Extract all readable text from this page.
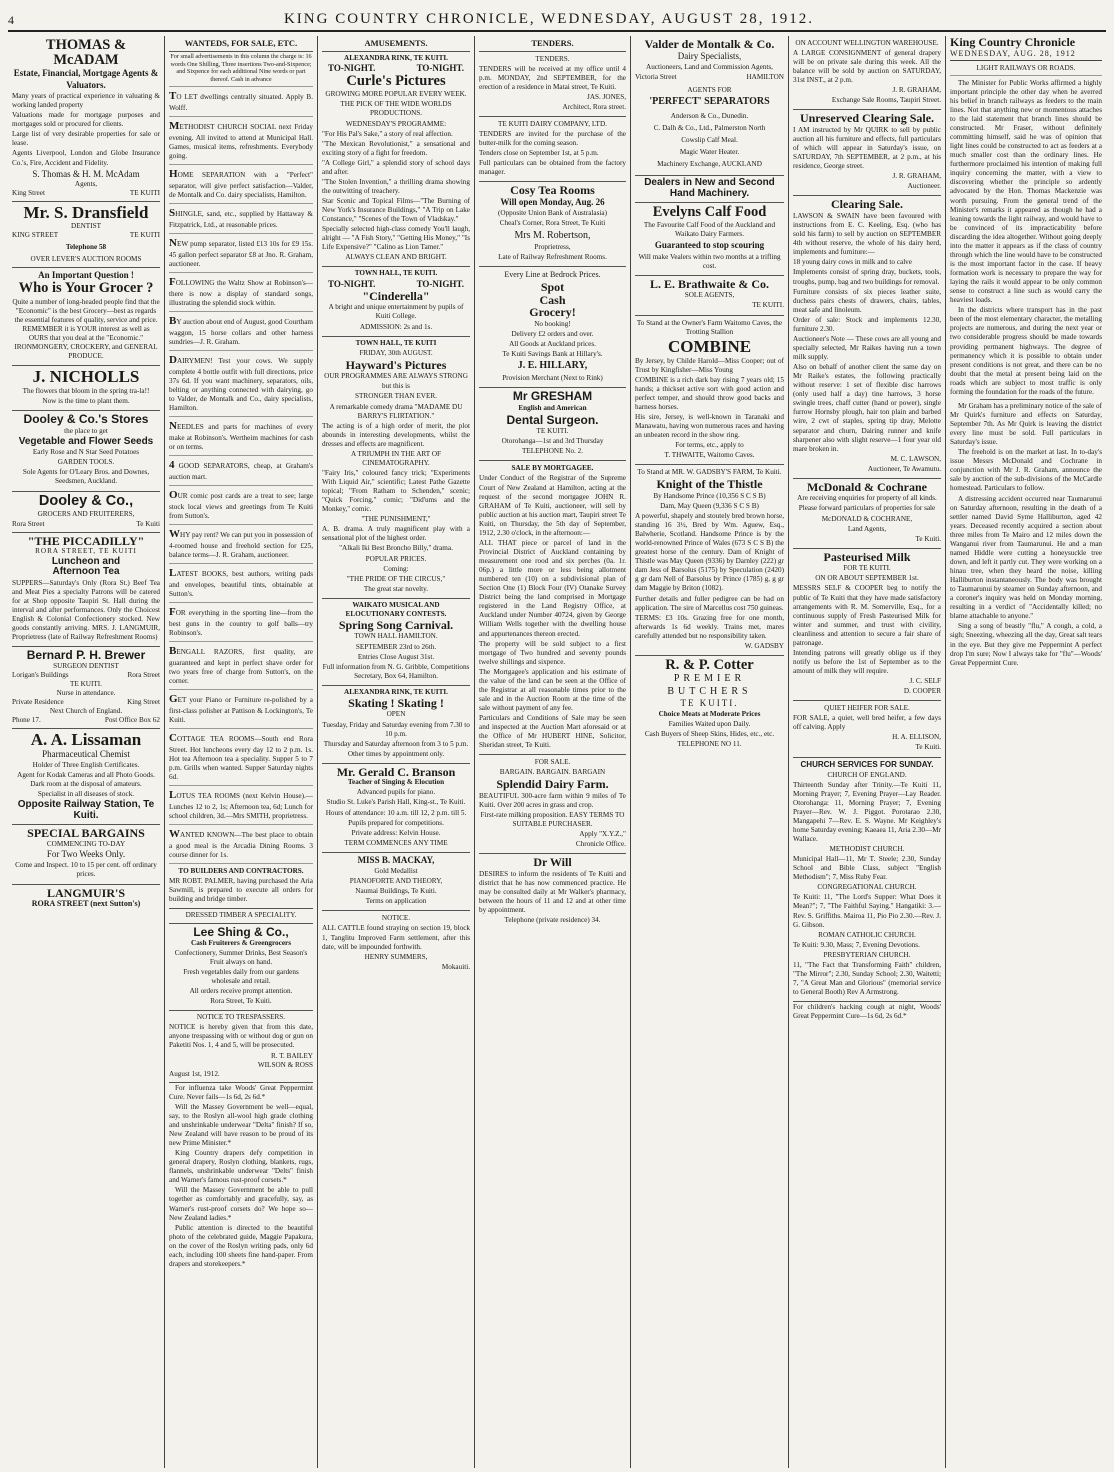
4	KING COUNTRY CHRONICLE, WEDNESDAY, AUGUST 28, 1912.
THOMAS & McADAM
Estate, Financial, Mortgage Agents & Valuators.

Many years of practical experience in valuating & working landed property

Valuations made for mortgage purposes and mortgages sold or procured for clients.

Large list of very desirable properties for sale or lease.

Agents Liverpool, London and Globe Insurance Co.'s, Fire, Accident and Fidelity.

S. Thomas & H. M. McAdam
Agents,
King Street	TE KUITI
Mr. S. Dransfield
DENTIST
KING STREET	TE KUITI
Telephone 58
OVER LEVER'S AUCTION ROOMS
An Important Question !
Who is Your Grocer ?

Quite a number of long-headed people find that the "Economic" is the best Grocery—best as regards the essential features of quality, service and price. REMEMBER it is YOUR interest as well as OURS that you deal at the "Economic." IRONMONGERY, CROCKERY, and GENERAL PRODUCE.

J. NICHOLLS

The flowers that bloom in the spring tra-la!!

Now is the time to plant them.

Dooley & Co.'s Stores

the place to get

Vegetable and Flower Seeds

Early Rose and N Star Seed Potatoes

GARDEN TOOLS.

Sole Agents for O'Leary Bros. and Downes, Seedsmen, Auckland.

Dooley & Co.,

GROCERS AND FRUITERERS,

Rora Street	Te Kuiti
"THE PICCADILLY"
RORA STREET, TE KUITI
Luncheon and
Afternoon Tea

SUPPERS—Saturday's Only (Rora St.) Beef Tea and Meat Pies a specialty Patrons will be catered for at Shop opposite Taupiri St. Hall during the interval and after performances. Only the Choicest English & Colonial Confectionery stocked. New goods constantly arriving. MRS. J. LANGMUIR, Proprietress (late of Railway Refreshment Rooms)

Bernard P. H. Brewer
SURGEON DENTIST
Lorigan's Buildings	Rora Street
TE KUITI.
Nurse in attendance.
Private Residence	King Street
Next Church of England.
Phone 17.	Post Office Box 62
A. A. Lissaman
Pharmaceutical Chemist

Holder of Three English Certificates.

Agent for Kodak Cameras and all Photo Goods. Dark room at the disposal of amateurs.

Specialist in all diseases of stock.

Opposite Railway Station, Te Kuiti.
SPECIAL BARGAINS
COMMENCING TO-DAY
For Two Weeks Only.

Come and Inspect. 10 to 15 per cent. off ordinary prices.

LANGMUIR'S
RORA STREET (next Sutton's)
WANTEDS, FOR SALE, ETC.

For small advertisements in this column the charge is: 16 words One Shilling, Three insertions Two-and-Sixpence; and Sixpence for each additional Nine words or part thereof. Cash in advance

TO LET dwellings centrally situated. Apply B. Wolff.

METHODIST CHURCH SOCIAL next Friday evening. All invited to attend at Municipal Hall. Games, musical items, refreshments. Everybody going.

HOME SEPARATION with a "Perfect" separator, will give perfect satisfaction—Valder, de Montalk and Co. dairy specialists, Hamilton.

SHINGLE, sand, etc., supplied by Hattaway & Fitzpatrick, Ltd., at reasonable prices.

NEW pump separator, listed £13 10s for £9 15s. 45 gallon perfect separator £8 at Jno. R. Graham, auctioneer.

FOLLOWING the Waltz Show at Robinson's—there is now a display of standard songs, illustrating the splendid stock within.

BY auction about end of August, good Courtham waggon, 15 horse collars and other harness sundries—J. R. Graham.

DAIRYMEN! Test your cows. We supply complete 4 bottle outfit with full directions, price 37s 6d. If you want machinery, separators, oils, belting or anything connected with dairying, go to Valder, de Montalk and Co., dairy specialists, Hamilton.

NEEDLES and parts for machines of every make at Robinson's. Wertheim machines for cash or on terms.

4 GOOD SEPARATORS, cheap, at Graham's auction mart.

OUR comic post cards are a treat to see; large stock local views and greetings from Te Kuiti from Sutton's.

WHY pay rent? We can put you in possession of 4-roomed house and freehold section for £25, balance terms—J. R. Graham, auctioneer.

LATEST BOOKS, best authors, writing pads and envelopes, beautiful tints, obtainable at Sutton's.

FOR everything in the sporting line—from the best guns in the country to golf balls—try Robinson's.

BENGALL RAZORS, first quality, are guaranteed and kept in perfect shave order for two years free of charge from Sutton's, on the corner.

GET your Piano or Furniture re-polished by a first-class polisher at Pattison & Lockington's, Te Kuiti.

COTTAGE TEA ROOMS—South end Rora Street. Hot luncheons every day 12 to 2 p.m. 1s. Hot tea Afternoon tea a speciality. Supper 5 to 7 p.m. Grills when wanted. Supper Saturday nights 6d.

LOTUS TEA ROOMS (next Kelvin House).—Lunches 12 to 2, 1s; Afternoon tea, 6d; Lunch for school children, 3d.—Mrs SMITH, proprietress.

WANTED KNOWN—The best place to obtain a good meal is the Arcadia Dining Rooms. 3 course dinner for 1s.

TO BUILDERS AND CONTRACTORS.

MR ROBT. PALMER, having purchased the Aria Sawmill, is prepared to execute all orders for building and bridge timber.

DRESSED TIMBER A SPECIALITY.
Lee Shing & Co.,
Cash Fruiterers & Greengrocers

Confectionery, Summer Drinks, Best Season's Fruit always on hand.

Fresh vegetables daily from our gardens wholesale and retail.

All orders receive prompt attention.

Rora Street, Te Kuiti.

NOTICE TO TRESPASSERS.

NOTICE is hereby given that from this date, anyone trespassing with or without dog or gun on Paketiti Nos. 1, 4 and 5, will be prosecuted.

R. T. BAILEY
WILSON & ROSS
August 1st, 1912.

For influenza take Woods' Great Peppermint Cure. Never fails—1s 6d, 2s 6d.*

Will the Massey Government be well—equal, say, to the Roslyn all-wool high grade clothing and unshrinkable underwear "Delta" finish? If so, New Zealand will have reason to be proud of its new Prime Minister.*

King Country drapers defy competition in general drapery, Roslyn clothing, blankets, rugs, flannels, unshrinkable underwear "Delts" finish and Warner's famous rust-proof corsets.*

Will the Massey Government be able to pull together as comfortably and gracefully, say, as Warner's rust-proof corsets do? We hope so—New Zealand ladies.*

Public attention is directed to the beautiful photo of the celebrated guide, Maggie Papakura, on the cover of the Roslyn writing pads, only 6d each, including 100 sheets fine hand-paper. From drapers and storekeepers.*

AMUSEMENTS.
ALEXANDRA RINK, TE KUITI.
TO-NIGHT.	TO-NIGHT.
Curle's Pictures

GROWING MORE POPULAR EVERY WEEK.

THE PICK OF THE WIDE WORLDS PRODUCTIONS.

WEDNESDAY'S PROGRAMME:

"For His Pal's Sake," a story of real affection.

"The Mexican Revolutionist," a sensational and exciting story of a fight for freedom.

"A College Girl," a splendid story of school days and after.

"The Stolen Invention," a thrilling drama showing the outwitting of treachery.

Star Scenic and Topical Films—"The Burning of New York's Insurance Buildings," "A Trip on Lake Constance," "Scenes of the Town of Vladskay."

Specially selected high-class comedy You'll laugh, alright — "A Fish Story," "Getting His Money," "Is Life Expensive?" "Calino as Lion Tamer."

ALWAYS CLEAN AND BRIGHT.

TOWN HALL, TE KUITI.
TO-NIGHT.	TO-NIGHT.
"Cinderella"

A bright and unique entertainment by pupils of Kuiti College.

ADMISSION: 2s and 1s.

TOWN HALL, TE KUITI

FRIDAY, 30th AUGUST.

Hayward's Pictures

OUR PROGRAMMES ARE ALWAYS STRONG

but this is

STRONGER THAN EVER.

A remarkable comedy drama "MADAME DU BARRY'S FLIRTATION."

The acting is of a high order of merit, the plot abounds in interesting developments, whilst the dresses and effects are magnificent.

A TRIUMPH IN THE ART OF CINEMATOGRAPHY.

"Fairy Iris," coloured fancy trick; "Experiments With Liquid Air," scientific; Latest Pathe Gazette topical; "From Ratham to Schenden," scenic; "Quick Forcing," comic; "Did'ums and the Monkey," comic.

"THE PUNISHMENT,"

A. B. drama. A truly magnificent play with a sensational plot of the highest order.

"Alkali Iki Best Broncho Billy," drama.

POPULAR PRICES.

Coming:

"THE PRIDE OF THE CIRCUS,"

The great star novelty.

WAIKATO MUSICAL AND ELOCUTIONARY CONTESTS.
Spring Song Carnival.

TOWN HALL HAMILTON.

SEPTEMBER 23rd to 26th.

Entries Close August 31st.

Full information from N. G. Gribble, Competitions Secretary, Box 64, Hamilton.

ALEXANDRA RINK, TE KUITI.
Skating ! Skating !

OPEN

Tuesday, Friday and Saturday evening from 7.30 to 10 p.m.

Thursday and Saturday afternoon from 3 to 5 p.m.

Other times by appointment only.

Mr. Gerald C. Branson
Teacher of Singing & Elocution

Advanced pupils for piano.

Studio St. Luke's Parish Hall, King-st., Te Kuiti.

Hours of attendance: 10 a.m. till 12, 2 p.m. till 5.

Pupils prepared for competitions.

Private address: Kelvin House.

TERM COMMENCES ANY TIME

MISS B. MACKAY,

Gold Medallist

PIANOFORTE AND THEORY,

Naumai Buildings, Te Kuiti.

Terms on application

NOTICE.

ALL CATTLE found straying on section 19, block 1, Tanglitu Improved Farm settlement, after this date, will be impounded forthwith.

HENRY SUMMERS,

Mokauiti.

TENDERS.

TENDERS.

TENDERS will be received at my office until 4 p.m. MONDAY, 2nd SEPTEMBER, for the erection of a residence in Matai street, Te Kuiti.

JAS. JONES,

Architect, Rora street.

TE KUITI DAIRY COMPANY, LTD.

TENDERS are invited for the purchase of the butter-milk for the coming season.

Tenders close on September 1st, at 5 p.m.

Full particulars can be obtained from the factory manager.

Cosy Tea Rooms
Will open Monday, Aug. 26

(Opposite Union Bank of Australasia)

Cheal's Corner, Rora Street, Te Kuiti

Mrs M. Robertson,

Proprietress,

Late of Railway Refreshment Rooms.

Every Line at Bedrock Prices.

Spot
Cash
Grocery!

No booking!

Delivery £2 orders and over.

All Goods at Auckland prices.

Te Kuiti Savings Bank at Hillary's.

J. E. HILLARY,

Provision Merchant (Next to Rink)

Mr GRESHAM

English and American

Dental Surgeon.

TE KUITI.

Otorohanga—1st and 3rd Thursday

TELEPHONE No. 2.

SALE BY MORTGAGEE.

Under Conduct of the Registrar of the Supreme Court of New Zealand at Hamilton, acting at the request of the second mortgagee JOHN R. GRAHAM of Te Kuiti, auctioneer, will sell by public auction at his auction mart, Taupiri street Te Kuiti, on Thursday, the 5th day of September, 1912, 2.30 o'clock, in the afternoon:—

ALL THAT piece or parcel of land in the Provincial District of Auckland containing by measurement one rood and six perches (0a. 1r. 06p.) a little more or less being allotment numbered ten (10) on a subdivisional plan of Section One (1) Block Four (IV) Otanake Survey District being the land comprised in Mortgage registered in the Land Registry Office, at Auckland under Number 40724, given by George William Wells together with the dwelling house and appurtenances thereon erected.

The property will be sold subject to a first mortgage of Two hundred and seventy pounds twelve shillings and sixpence.

The Mortgagee's application and his estimate of the value of the land can be seen at the Office of the Registrar at all reasonable times prior to the sale and in the Auction Room at the time of the sale without payment of any fee.

Particulars and Conditions of Sale may be seen and inspected at the Auction Mart aforesaid or at the Office of Mr HUBERT HINE, Solicitor, Sheridan street, Te Kuiti.

FOR SALE.

BARGAIN. BARGAIN. BARGAIN

Splendid Dairy Farm.

BEAUTIFUL 300-acre farm within 9 miles of Te Kuiti. Over 200 acres in grass and crop.

First-rate milking proposition. EASY TERMS TO SUITABLE PURCHASER.

Apply "X.Y.Z.,"

Chronicle Office.

Dr Will

DESIRES to inform the residents of Te Kuiti and district that he has now commenced practice. He may be consulted daily at Mr Walker's pharmacy, between the hours of 11 and 12 and at other time by appointment.

Telephone (private residence) 34.

Valder de Montalk & Co.
Dairy Specialists,

Auctioneers, Land and Commission Agents,

Victoria Street	HAMILTON

AGENTS FOR

'PERFECT' SEPARATORS

Anderson & Co., Dunedin.

C. Dalh & Co., Ltd., Palmerston North

Cowslip Calf Meal.

Magic Water Heater.

Machinery Exchange, AUCKLAND

Dealers in New and Second Hand Machinery.
Evelyns Calf Food

The Favourite Calf Food of the Auckland and Waikato Dairy Farmers.

Guaranteed to stop scouring

Will make Vealers within two months at a trifling cost.

L. E. Brathwaite & Co.

SOLE AGENTS,

TE KUITI.

To Stand at the Owner's Farm Waitomo Caves, the Trotting Stallion

COMBINE

By Jersey, by Childe Harold—Miss Cooper; out of Trust by Kingfisher—Miss Young

COMBINE is a rich dark bay rising 7 years old; 15 hands; a thickset active sort with good action and perfect temper, and should throw good backs and harness horses.

His sire, Jersey, is well-known in Taranaki and Manawatu, having won numerous races and having an unbeaten record in the show ring.

For terms, etc., apply to

T. THWAITE, Waitomo Caves.

To Stand at MR. W. GADSBY'S FARM, Te Kuiti.

Knight of the Thistle

By Handsome Prince (10,356 S C S B)

Dam, May Queen (9,336 S C S B)

A powerful, shapely and stoutely bred brown horse, standing 16 3½, Bred by Wm. Aguew, Esq., Balwherie, Scotland. Handsome Prince is by the world-renowned Prince of Wales (673 S C S B) the greatest horse of the century. Dam of Knight of Thistle was May Queen (9336) by Darnley (222) gr dam Jess of Barsolus (5175) by Speculation (2420) g gr dam Nell of Barsolus by Prince (1785) g, g gr dam Maggie by Briton (1082).

Further details and fuller pedigree can be had on application. The sire of Marcellus cost 750 guineas.

TERMS: £3 10s. Grazing free for one month, afterwards 1s 6d weekly. Trains met, mares carefully attended but no responsibility taken.

W. GADSBY

R. & P. Cotter
PREMIER
BUTCHERS
TE KUITI.
Choice Meats at Moderate Prices

Families Waited upon Daily.

Cash Buyers of Sheep Skins, Hides, etc., etc.

TELEPHONE NO 11.

ON ACCOUNT WELLINGTON WAREHOUSE.

A LARGE CONSIGNMENT of general drapery will be on private sale during this week. All the balance will be sold by auction on SATURDAY, 31st INST., at 2 p.m.

J. R. GRAHAM,

Exchange Sale Rooms, Taupiri Street.

Unreserved Clearing Sale.

I AM instructed by Mr QUIRK to sell by public auction all his furniture and effects, full particulars of which will appear in Saturday's issue, on SATURDAY, 7th SEPTEMBER, at 2 p.m., at his residence, George street.

J. R. GRAHAM,

Auctioneer.

Clearing Sale.

LAWSON & SWAIN have been favoured with instructions from E. C. Keeling, Esq. (who has sold his farm) to sell by auction on SEPTEMBER 4th without reserve, the whole of his dairy herd, implements and furniture:—

18 young dairy cows in milk and to calve

Implements consist of spring dray, buckets, tools, troughs, pump, bag and two buildings for removal.

Furniture consists of six pieces leather suite, duchess pairs chests of drawers, chairs, tables, meat safe and linoleum.

Order of sale: Stock and implements 12.30, furniture 2.30.

Auctioneer's Note — These cows are all young and specially selected, Mr Raikes having run a town milk supply.

Also on behalf of another client the same day on Mr Raike's estates, the following practically without reserve: 1 set of flexible disc harrows (only used half a day) tine harrows, 3 horse swingle trees, chaff cutter (hand or power), single furrow Hornsby plough, hair ton plain and barbed wire, 2 cwt of staples, spring tip dray, Melotte separator and churn, Dairing runner and knife sharpener also with slight reserve—1 four year old mare broken in.

M. C. LAWSON,

Auctioneer, Te Awamutu.

McDonald & Cochrane

Are receiving enquiries for property of all kinds.

Please forward particulars of properties for sale

McDONALD & COCHRANE,

Land Agents,

Te Kuiti.

Pasteurised Milk

FOR TE KUITI.

ON OR ABOUT SEPTEMBER 1st.

MESSRS SELF & COOPER beg to notify the public of Te Kuiti that they have made satisfactory arrangements with R. M. Somerville, Esq., for a continuous supply of Fresh Pasteurised Milk for winter and summer, and trust with civility, cleanliness and attention to secure a fair share of patronage.

Intending patrons will greatly oblige us if they notify us before the 1st of September as to the amount of milk they will require.

J. C. SELF

D. COOPER

QUIET HEIFER FOR SALE.

FOR SALE, a quiet, well bred heifer, a few days off calving. Apply

H. A. ELLISON,

Te Kuiti.

CHURCH SERVICES FOR SUNDAY.

CHURCH OF ENGLAND.

Thirteenth Sunday after Trinity.—Te Kuiti 11, Morning Prayer; 7, Evening Prayer—Lay Reader. Otorohanga: 11, Morning Prayer; 7, Evening Prayer—Rev. W. J. Piggot. Porotarao 2.30, Mangapehi 7—Rev. E. S. Wayne. Mr Keighley's home Saturday evening; Kaeaea 11, Aria 2.30—Mr Wallace.

METHODIST CHURCH.

Municipal Hall—11, Mr T. Steele; 2.30, Sunday School and Bible Class, subject "English Methodism"; 7, Miss Ruby Fear.

CONGREGATIONAL CHURCH.

Te Kuiti: 11, "The Lord's Supper: What Does it Mean?"; 7, "The Faithful Saying." Hangatiki: 3.—Rev. S. Griffiths. Mairoa 11, Pio Pio 2.30.—Rev. J. G. Gibson.

ROMAN CATHOLIC CHURCH.

Te Kuiti: 9.30, Mass; 7, Evening Devotions.

PRESBYTERIAN CHURCH.

11, "The Fact that Transforming Faith" children, "The Mirror"; 2.30, Sunday School; 2.30, Waitetti; 7, "A Great Man and Glorious" (memorial service to General Booth) Rev A Armstrong.

For children's hacking cough at night, Woods' Great Peppermint Cure—1s 6d, 2s 6d.*

King Country Chronicle
WEDNESDAY, AUG. 28, 1912
LIGHT RAILWAYS OR ROADS.

The Minister for Public Works affirmed a highly important principle the other day when he averred his belief in branch railways as feeders to the main lines. Not that anything new or momentous attaches to the laid statement that branch lines should be constructed. Mr Fraser, without definitely committing himself, said he was of opinion that light lines could be constructed to act as feeders at a much smaller cost than the ordinary lines. He furthermore proclaimed his intention of making full inquiry concerning the matter, with a view to discovering whether the principle so ardently advocated by the Hon. Thomas Mackenzie was worth pursuing. From the general trend of the Minister's remarks it appeared as though he had a leaning towards the light railway, and would have to be convinced of its impracticability before discarding the idea altogether. Without going deeply into the matter it appears as if the class of country through which the line would have to be constructed is the most important factor in the case. If heavy formation work is necessary to prepare the way for laying the rails it would appear to be only common sense to construct a line such as would carry the heaviest loads.

In the districts where transport has in the past been of the most elementary character, the metalling projects are numerous, and during the next year or two considerable progress should be made towards providing permanent highways. The degree of permanency which it is possible to obtain under present conditions is not great, and there can be no doubt that the metal at present being laid on the roads which are subject to most traffic is only forming the foundation for the roads of the future.

Mr Graham has a preliminary notice of the sale of Mr Quirk's furniture and effects on Saturday, September 7th. As Mr Quirk is leaving the district every line must be sold. Full particulars in Saturday's issue.

The freehold is on the market at last. In to-day's issue Messrs McDonald and Cochrane in conjunction with Mr J. R. Graham, announce the sale by auction of the sub-divisions of the McCardle homestead. Particulars to follow.

A distressing accident occurred near Taumarunui on Saturday afternoon, resulting in the death of a settler named David Syme Halliburton, aged 42 years. Deceased recently acquired a section about three miles from Te Mairo and 12 miles down the Wanganui river from Taumarunui. He and a man named Hiddle were cutting a honeysuckle tree down, and left it partly cut. They were working on a hinau tree, when they heard the noise, killing Halliburton instantaneously. The body was brought to Taumarunui by steamer on Sunday afternoon, and a coroner's inquiry was held on Monday morning, resulting in a verdict of "Accidentally killed; no blame attachable to anyone."

Sing a song of beastly "flu," A cough, a cold, a sigh; Sneezing, wheezing all the day, Great salt tears in the eye. But they give me Peppermint A perfect drop I'm sure; Now I always take for "flu"—Woods' Great Peppermint Cure.
